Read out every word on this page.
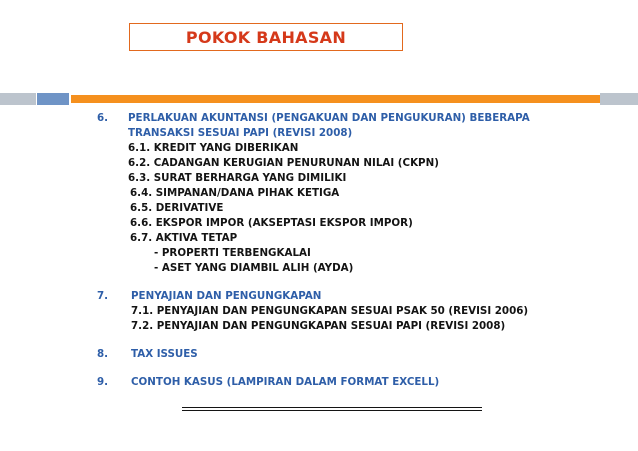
POKOK BAHASAN
6. PERLAKUAN AKUNTANSI (PENGAKUAN DAN PENGUKURAN) BEBERAPA
TRANSAKSI SESUAI PAPI (REVISI 2008)
6.1. KREDIT YANG DIBERIKAN
6.2. CADANGAN KERUGIAN PENURUNAN NILAI (CKPN)
6.3. SURAT BERHARGA YANG DIMILIKI
6.4. SIMPANAN/DANA PIHAK KETIGA
6.5. DERIVATIVE
6.6. EKSPOR IMPOR (AKSEPTASI EKSPOR IMPOR)
6.7. AKTIVA TETAP
- PROPERTI TERBENGKALAI
- ASET YANG DIAMBIL ALIH (AYDA)
7. PENYAJIAN DAN PENGUNGKAPAN
7.1. PENYAJIAN DAN PENGUNGKAPAN SESUAI PSAK 50 (REVISI 2006)
7.2. PENYAJIAN DAN PENGUNGKAPAN SESUAI PAPI (REVISI 2008)
8. TAX ISSUES
9. CONTOH KASUS (LAMPIRAN DALAM FORMAT EXCELL)
